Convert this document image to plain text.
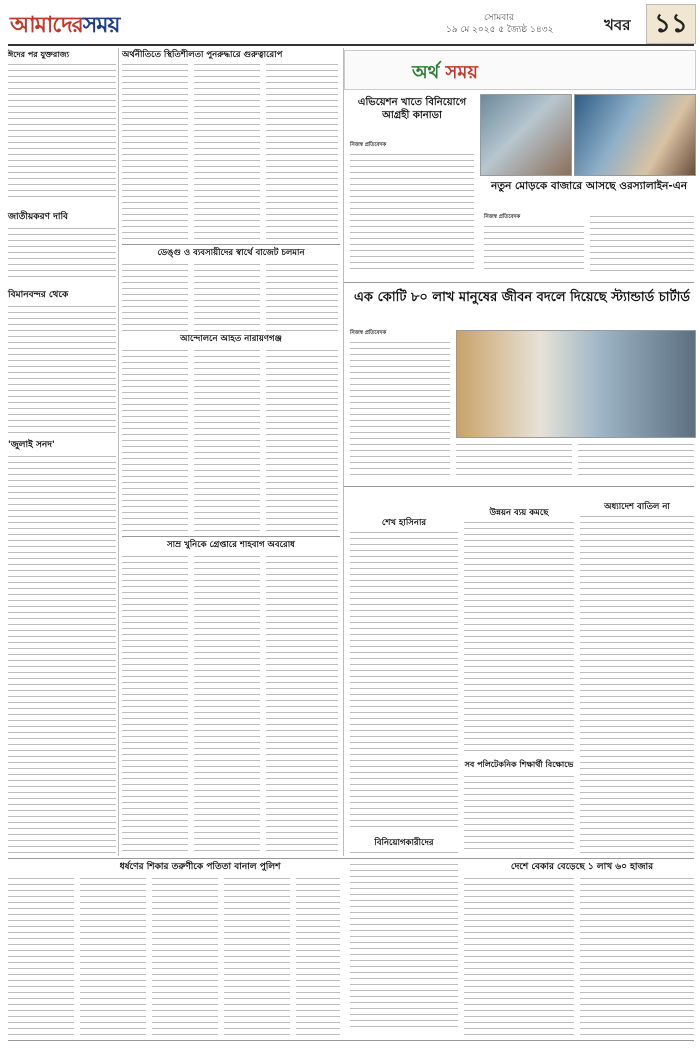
আমাদেরসময়	সোমবার
১৯ মে ২০২৫ ৫ জ্যৈষ্ঠ ১৪৩২	খবর ১১
ঈদের পর যুক্তরাজ্য
জাতীয়করণ দাবি
বিমানবন্দর থেকে
'জুলাই সনদ'
অর্থনীতিতে স্থিতিশীলতা পুনরুদ্ধারে গুরুত্বারোপ
ডেঙ্গু ও ব্যবসায়ীদের স্বার্থে বাজেট চলমান
আন্দোলনে আহত নারায়ণগঞ্জ
সাম্র খুনিকে গ্রেপ্তারে শাহবাগ অবরোধ
অর্থ সময়
এভিয়েশন খাতে বিনিয়োগে আগ্রহী কানাডা
নিজস্ব প্রতিবেদক
নতুন মোড়কে বাজারে আসছে ওরস্যালাইন-এন
নিজস্ব প্রতিবেদক
এক কোটি ৮০ লাখ মানুষের জীবন বদলে দিয়েছে স্ট্যান্ডার্ড চার্টার্ড
নিজস্ব প্রতিবেদক
শেখ হাসিনার
উন্নয়ন ব্যয় কমছে
অধ্যাদেশ বাতিল না
বিনিয়োগকারীদের
সব পলিটেকনিক শিক্ষার্থী বিক্ষোভে
ধর্ষণের শিকার তরুণীকে পতিতা বানাল পুলিশ	দেশে বেকার বেড়েছে ১ লাখ ৬০ হাজার
